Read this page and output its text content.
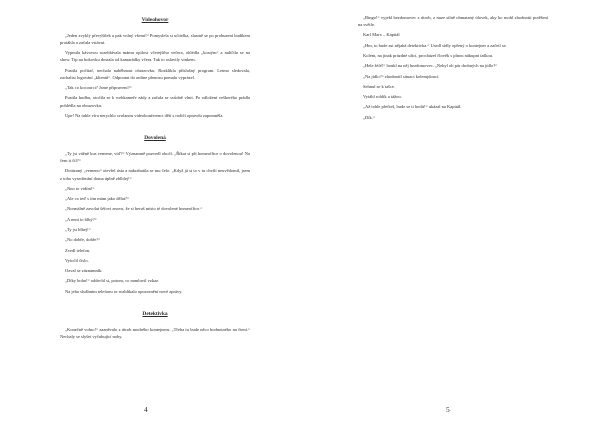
Videohovor

„Jeden zvyklý převýšilek a pak volný všemi!“ Pomyslela si učitelka, slastně se po probuzení budíkem protáhla a začala vstávat.

Vypnula kávovou rozehřávala mámu opilost včerejšího večera, ohlédla „kostým“ a nalíčila se na show. Tip na bokovku dostala od kamarádky včera. Tak to oslavily vinkem.

Pustila počítač, nechala naběhnout obrazovku. Rozklikla příslušný program. Letmo sledovala, zachalist logování „klientů“. Odpoutat do online přenosu pomalu vyprázel.

„Tak co kocourci? Jsme připraveni?“

Pustila hudbu, otočila se k webkameře zády a začala se svůdně vlnit. Po odložení veškerého prádla pohlédla na obrazovku.

Upe! Na tuhle víru nerychlo svolanou videokonferenci dětí s rodiči opravdu zapomněla.

Dovolená

„Ty jsi vážně kus vemene, víď?“ Významně pozvedl obočí. „Říkat si při homeoffice o dovolenou! Na čem ti čil?“

Dotázaný „vemeno“ otevřel ústa a nakrabatila se mu čelo. „Když já si to v tu chvíli neuvědomil, jsem z toho vysedávání doma úplně zblblej!“

„Nno to vidím!“

„Ale co teď s tím mám jako dělat?“

„Normálně zavolat šéfovi znovu, že si beruš místo té dovolené homeoffice.“

„A není to blbý?“

„Ty jsi blbej!“

„No dobře, dobře!“

Zvedl telefon.

Vytočil číslo.

Ozval se záznamník.

„Díky bohu!“ oddechl si, potom, co namluvil vzkaz.

Na jeho službním telefonu se rozblikalo upozornění nové zprávy.

Detektivka

„Konečně volno!“ zazněvalo z útrob modrého kontejneru. „Třeba tu bude něco hodnotného na čtení.“ Nechaly se slyšet vyčuhující nohy.

4

„Bingo!“ vyjekl bezdomovec z útrob, z nuze silně ohmataný úlovek, aby ho mohl zhodnotit potěšení na světle.

Karl Marx – Kapitál

„Hm, to bude asi nějaká detektivka.“ Usedl sídly opřený o kontejner a začetl se.

Kolem, na jinak prázdné ulici, procházel člověk s plnou nákupní taškou.

„Hele šéfé!“ houkl na něj bezdomovec. „Nebyl oh pár drobných na jídlo?“

„Na jídlo?“ zhodnotil situaci kolemjdoucí.

Sehnul se k tašce.

Vytáhl rohlík a tážou.

„Až tohle přečteš, bude se ti hodit!“ ukázal na Kapitál.

„Dík.“

5
